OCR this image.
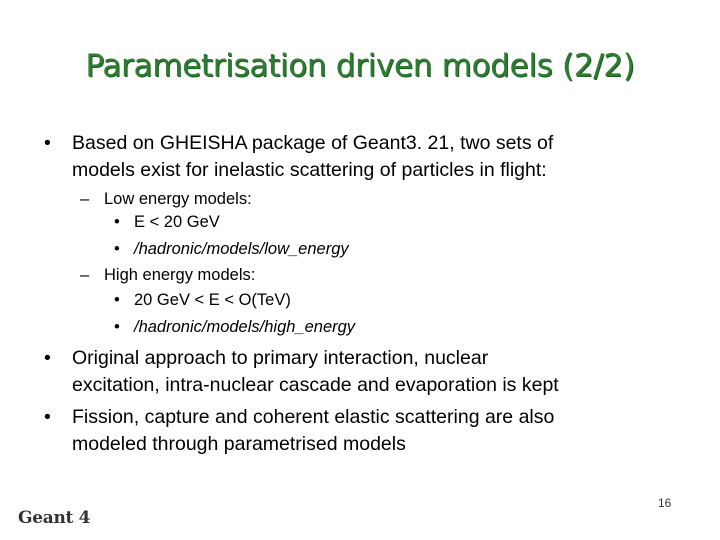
Parametrisation driven models (2/2)
• Based on GHEISHA package of Geant3. 21, two sets of
models exist for inelastic scattering of particles in flight:
– Low energy models:
• E < 20 GeV
• /hadronic/models/low_energy
– High energy models:
• 20 GeV < E < O(TeV)
• /hadronic/models/high_energy
• Original approach to primary interaction, nuclear
excitation, intra-nuclear cascade and evaporation is kept
• Fission, capture and coherent elastic scattering are also
modeled through parametrised models
Geant 4
16
